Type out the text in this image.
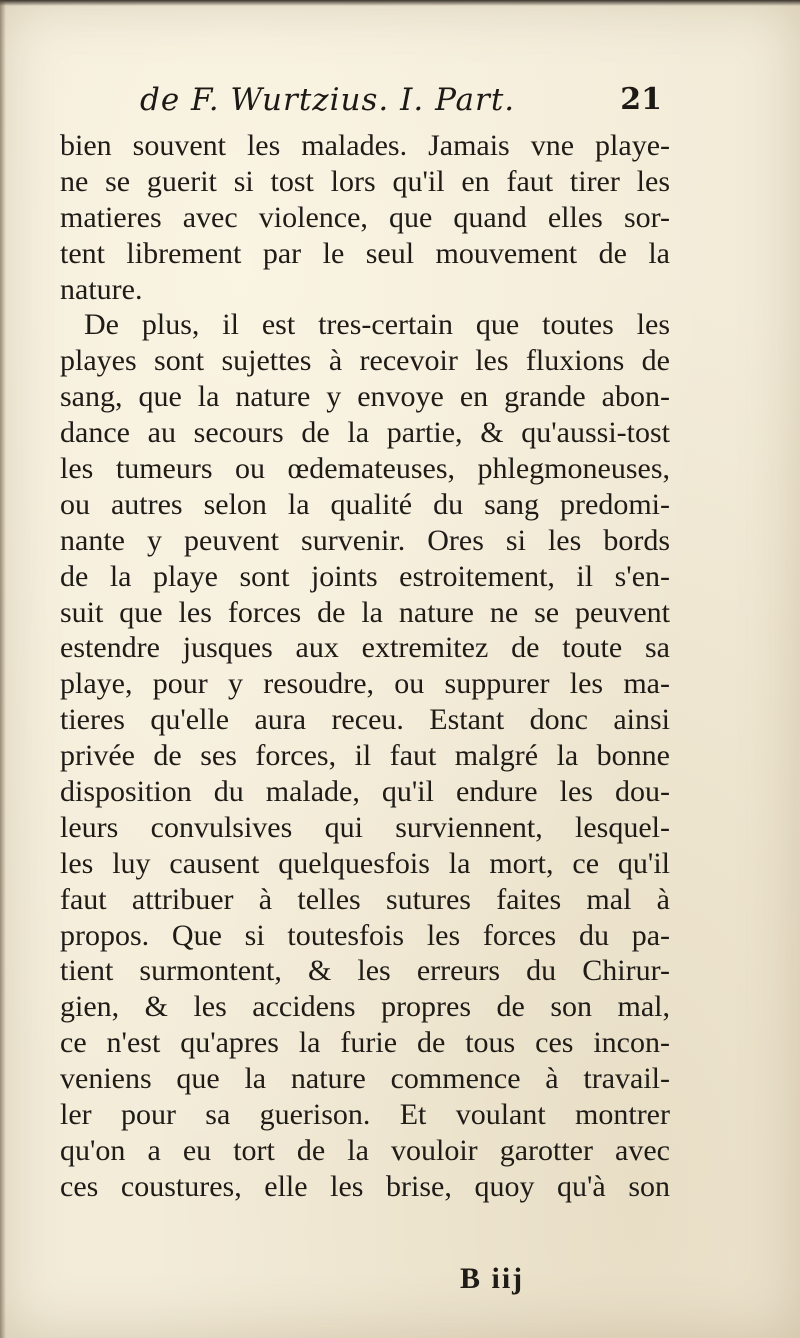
de F. Wurtzius. I. Part.	21
bien souvent les malades. Jamais vne playe-
ne se guerit si tost lors qu'il en faut tirer les
matieres avec violence, que quand elles sor-
tent librement par le seul mouvement de la
nature.
De plus, il est tres-certain que toutes les
playes sont sujettes à recevoir les fluxions de
sang, que la nature y envoye en grande abon-
dance au secours de la partie, & qu'aussi-tost
les tumeurs ou œdemateuses, phlegmoneuses,
ou autres selon la qualité du sang predomi-
nante y peuvent survenir. Ores si les bords
de la playe sont joints estroitement, il s'en-
suit que les forces de la nature ne se peuvent
estendre jusques aux extremitez de toute sa
playe, pour y resoudre, ou suppurer les ma-
tieres qu'elle aura receu. Estant donc ainsi
privée de ses forces, il faut malgré la bonne
disposition du malade, qu'il endure les dou-
leurs convulsives qui surviennent, lesquel-
les luy causent quelquesfois la mort, ce qu'il
faut attribuer à telles sutures faites mal à
propos. Que si toutesfois les forces du pa-
tient surmontent, & les erreurs du Chirur-
gien, & les accidens propres de son mal,
ce n'est qu'apres la furie de tous ces incon-
veniens que la nature commence à travail-
ler pour sa guerison. Et voulant montrer
qu'on a eu tort de la vouloir garotter avec
ces coustures, elle les brise, quoy qu'à son
B iij
